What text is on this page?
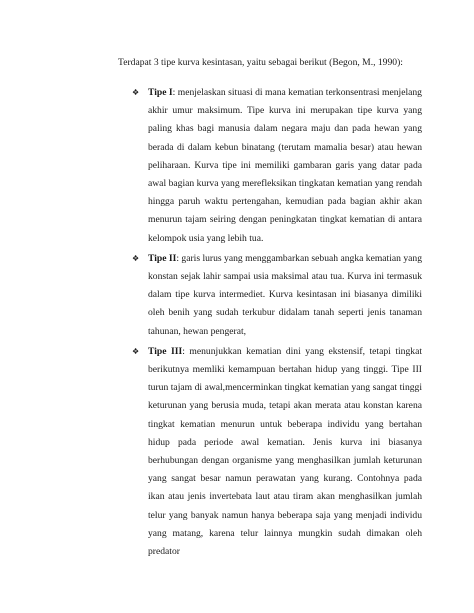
Terdapat 3 tipe kurva kesintasan, yaitu sebagai berikut (Begon, M., 1990):
❖ Tipe I: menjelaskan situasi di mana kematian terkonsentrasi menjelang akhir umur maksimum. Tipe kurva ini merupakan tipe kurva yang paling khas bagi manusia dalam negara maju dan pada hewan yang berada di dalam kebun binatang (terutam mamalia besar) atau hewan peliharaan. Kurva tipe ini memiliki gambaran garis yang datar pada awal bagian kurva yang merefleksikan tingkatan kematian yang rendah hingga paruh waktu pertengahan, kemudian pada bagian akhir akan menurun tajam seiring dengan peningkatan tingkat kematian di antara kelompok usia yang lebih tua.
❖ Tipe II: garis lurus yang menggambarkan sebuah angka kematian yang konstan sejak lahir sampai usia maksimal atau tua. Kurva ini termasuk dalam tipe kurva intermediet. Kurva kesintasan ini biasanya dimiliki oleh benih yang sudah terkubur didalam tanah seperti jenis tanaman tahunan, hewan pengerat,
❖ Tipe III: menunjukkan kematian dini yang ekstensif, tetapi tingkat berikutnya memliki kemampuan bertahan hidup yang tinggi. Tipe III turun tajam di awal,mencerminkan tingkat kematian yang sangat tinggi keturunan yang berusia muda, tetapi akan merata atau konstan karena tingkat kematian menurun untuk beberapa individu yang bertahan hidup pada periode awal kematian. Jenis kurva ini biasanya berhubungan dengan organisme yang menghasilkan jumlah keturunan yang sangat besar namun perawatan yang kurang. Contohnya pada ikan atau jenis invertebata laut atau tiram akan menghasilkan jumlah telur yang banyak namun hanya beberapa saja yang menjadi individu yang matang, karena telur lainnya mungkin sudah dimakan oleh predator
